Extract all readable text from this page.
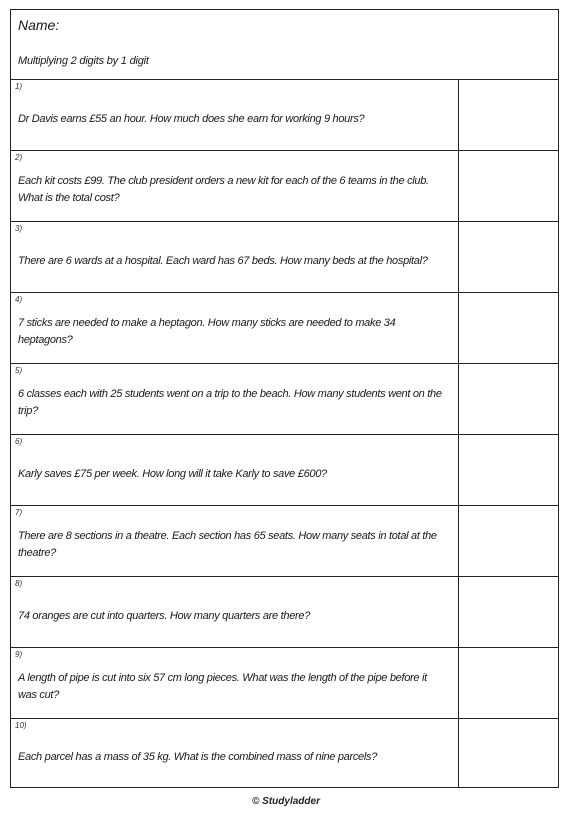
Name:
Multiplying 2 digits by 1 digit
1)
Dr Davis earns £55 an hour. How much does she earn for working 9 hours?
2)
Each kit costs £99. The club president orders a new kit for each of the 6 teams in the club. What is the total cost?
3)
There are 6 wards at a hospital. Each ward has 67 beds. How many beds at the hospital?
4)
7 sticks are needed to make a heptagon. How many sticks are needed to make 34 heptagons?
5)
6 classes each with 25 students went on a trip to the beach. How many students went on the trip?
6)
Karly saves £75 per week. How long will it take Karly to save £600?
7)
There are 8 sections in a theatre. Each section has 65 seats. How many seats in total at the theatre?
8)
74 oranges are cut into quarters. How many quarters are there?
9)
A length of pipe is cut into six 57 cm long pieces. What was the length of the pipe before it was cut?
10)
Each parcel has a mass of 35 kg. What is the combined mass of nine parcels?
© Studyladder
